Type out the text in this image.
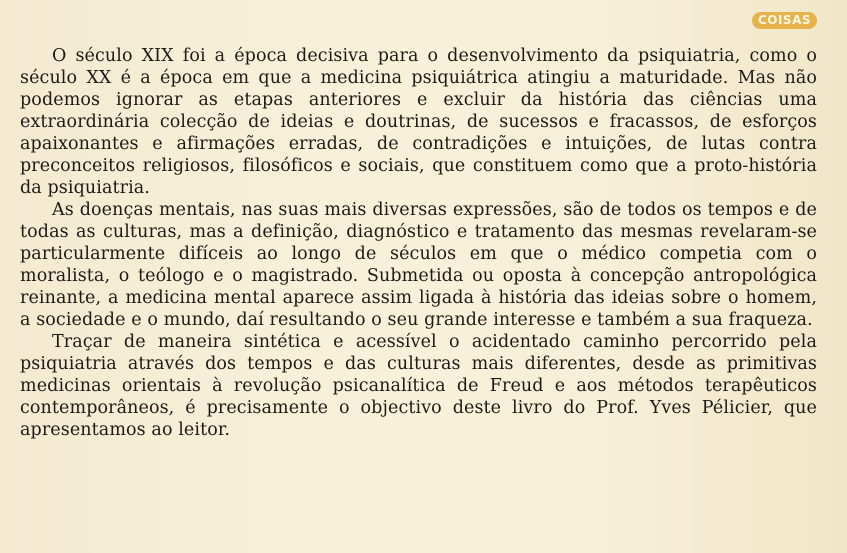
COISAS

O século XIX foi a época decisiva para o desenvolvimento da psiquiatria, como o século XX é a época em que a medicina psiquiátrica atingiu a maturidade. Mas não podemos ignorar as etapas anteriores e excluir da história das ciências uma extraordinária colecção de ideias e doutrinas, de sucessos e fracassos, de esforços apaixonantes e afirmações erradas, de contradições e intuições, de lutas contra preconceitos religiosos, filosóficos e sociais, que constituem como que a proto-história da psiquiatria.

As doenças mentais, nas suas mais diversas expressões, são de todos os tempos e de todas as culturas, mas a definição, diagnóstico e tratamento das mesmas revelaram-se particularmente difíceis ao longo de séculos em que o médico competia com o moralista, o teólogo e o magistrado. Submetida ou oposta à concepção antropológica reinante, a medicina mental aparece assim ligada à história das ideias sobre o homem, a sociedade e o mundo, daí resultando o seu grande interesse e também a sua fraqueza.

Traçar de maneira sintética e acessível o acidentado caminho percorrido pela psiquiatria através dos tempos e das culturas mais diferentes, desde as primitivas medicinas orientais à revolução psicanalítica de Freud e aos métodos terapêuticos contemporâneos, é precisamente o objectivo deste livro do Prof. Yves Pélicier, que apresentamos ao leitor.
